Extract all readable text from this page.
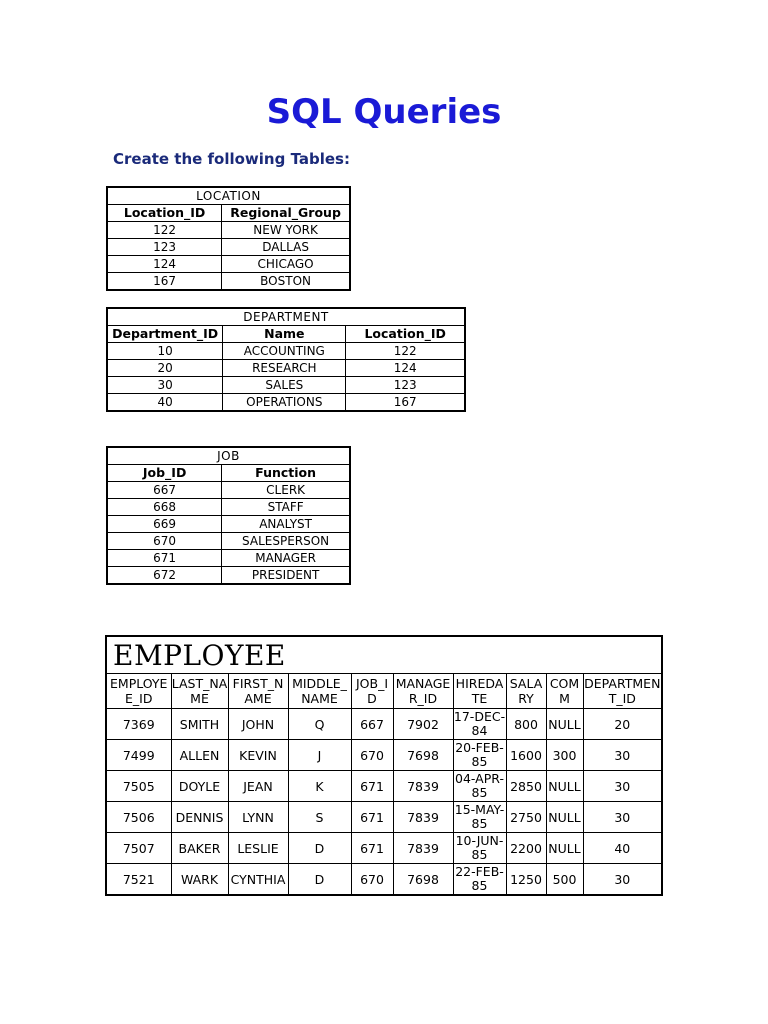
SQL Queries
Create the following Tables:
LOCATION	
Location_ID	Regional_Group
122	NEW YORK
123	DALLAS
124	CHICAGO
167	BOSTON
DEPARTMENT		
Department_ID	Name	Location_ID
10	ACCOUNTING	122
20	RESEARCH	124
30	SALES	123
40	OPERATIONS	167
JOB	
Job_ID	Function
667	CLERK
668	STAFF
669	ANALYST
670	SALESPERSON
671	MANAGER
672	PRESIDENT
EMPLOYEE									
EMPLOYEE_ID	LAST_NAME	FIRST_NAME	MIDDLE_NAME	JOB_ID	MANAGER_ID	HIREDATE	SALARY	COMM	DEPARTMENT_ID
7369	SMITH	JOHN	Q	667	7902	17-DEC-84	800	NULL	20
7499	ALLEN	KEVIN	J	670	7698	20-FEB-85	1600	300	30
7505	DOYLE	JEAN	K	671	7839	04-APR-85	2850	NULL	30
7506	DENNIS	LYNN	S	671	7839	15-MAY-85	2750	NULL	30
7507	BAKER	LESLIE	D	671	7839	10-JUN-85	2200	NULL	40
7521	WARK	CYNTHIA	D	670	7698	22-FEB-85	1250	500	30
